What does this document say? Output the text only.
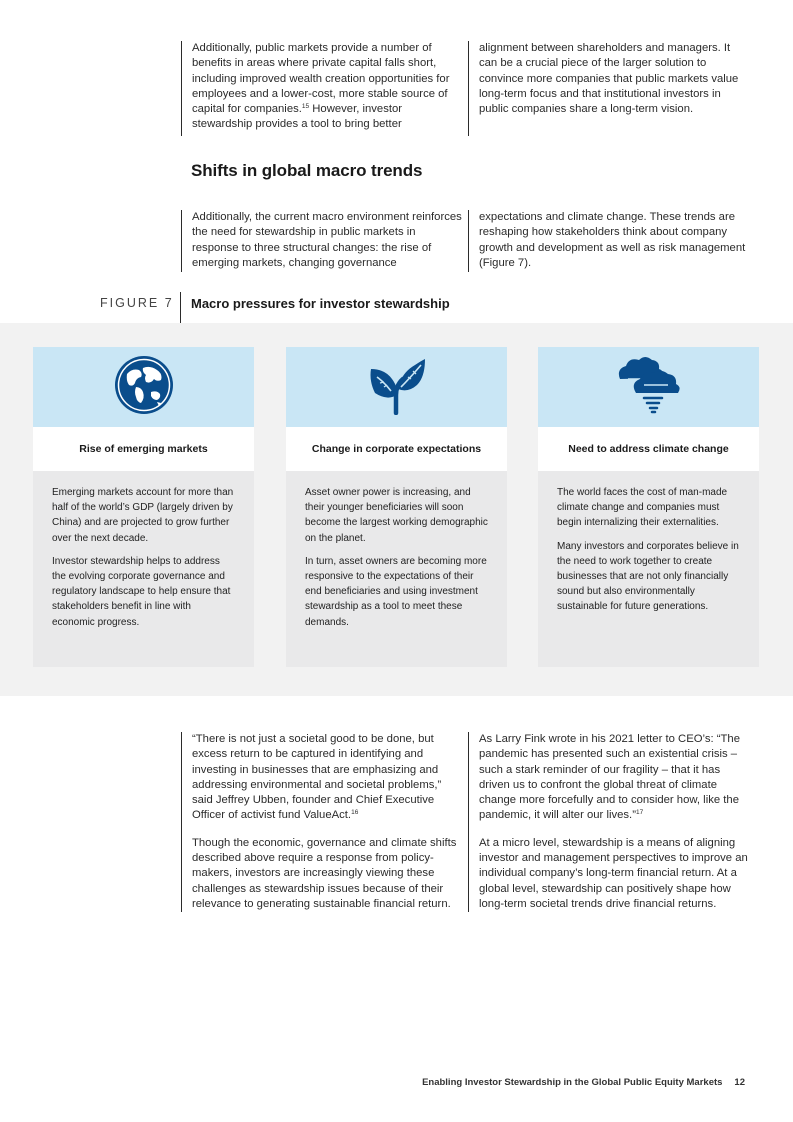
Additionally, public markets provide a number of benefits in areas where private capital falls short, including improved wealth creation opportunities for employees and a lower-cost, more stable source of capital for companies.$^{15}$ However, investor stewardship provides a tool to bring better

alignment between shareholders and managers. It can be a crucial piece of the larger solution to convince more companies that public markets value long-term focus and that institutional investors in public companies share a long-term vision.

Shifts in global macro trends

Additionally, the current macro environment reinforces the need for stewardship in public markets in response to three structural changes: the rise of emerging markets, changing governance

expectations and climate change. These trends are reshaping how stakeholders think about company growth and development as well as risk management (Figure 7).

FIGURE 7 Macro pressures for investor stewardship
Rise of emerging markets

Emerging markets account for more than half of the world’s GDP (largely driven by China) and are projected to grow further over the next decade.

Investor stewardship helps to address the evolving corporate governance and regulatory landscape to help ensure that stakeholders benefit in line with economic progress.

Change in corporate expectations

Asset owner power is increasing, and their younger beneficiaries will soon become the largest working demographic on the planet.

In turn, asset owners are becoming more responsive to the expectations of their end beneficiaries and using investment stewardship as a tool to meet these demands.

Need to address climate change

The world faces the cost of man-made climate change and companies must begin internalizing their externalities.

Many investors and corporates believe in the need to work together to create businesses that are not only financially sound but also environmentally sustainable for future generations.

“There is not just a societal good to be done, but excess return to be captured in identifying and investing in businesses that are emphasizing and addressing environmental and societal problems,” said Jeffrey Ubben, founder and Chief Executive Officer of activist fund ValueAct.$^{16}$

Though the economic, governance and climate shifts described above require a response from policy-makers, investors are increasingly viewing these challenges as stewardship issues because of their relevance to generating sustainable financial return.

As Larry Fink wrote in his 2021 letter to CEO’s: “The pandemic has presented such an existential crisis – such a stark reminder of our fragility – that it has driven us to confront the global threat of climate change more forcefully and to consider how, like the pandemic, it will alter our lives.”$^{17}$

At a micro level, stewardship is a means of aligning investor and management perspectives to improve an individual company’s long-term financial return. At a global level, stewardship can positively shape how long-term societal trends drive financial returns.

Enabling Investor Stewardship in the Global Public Equity Markets 12
